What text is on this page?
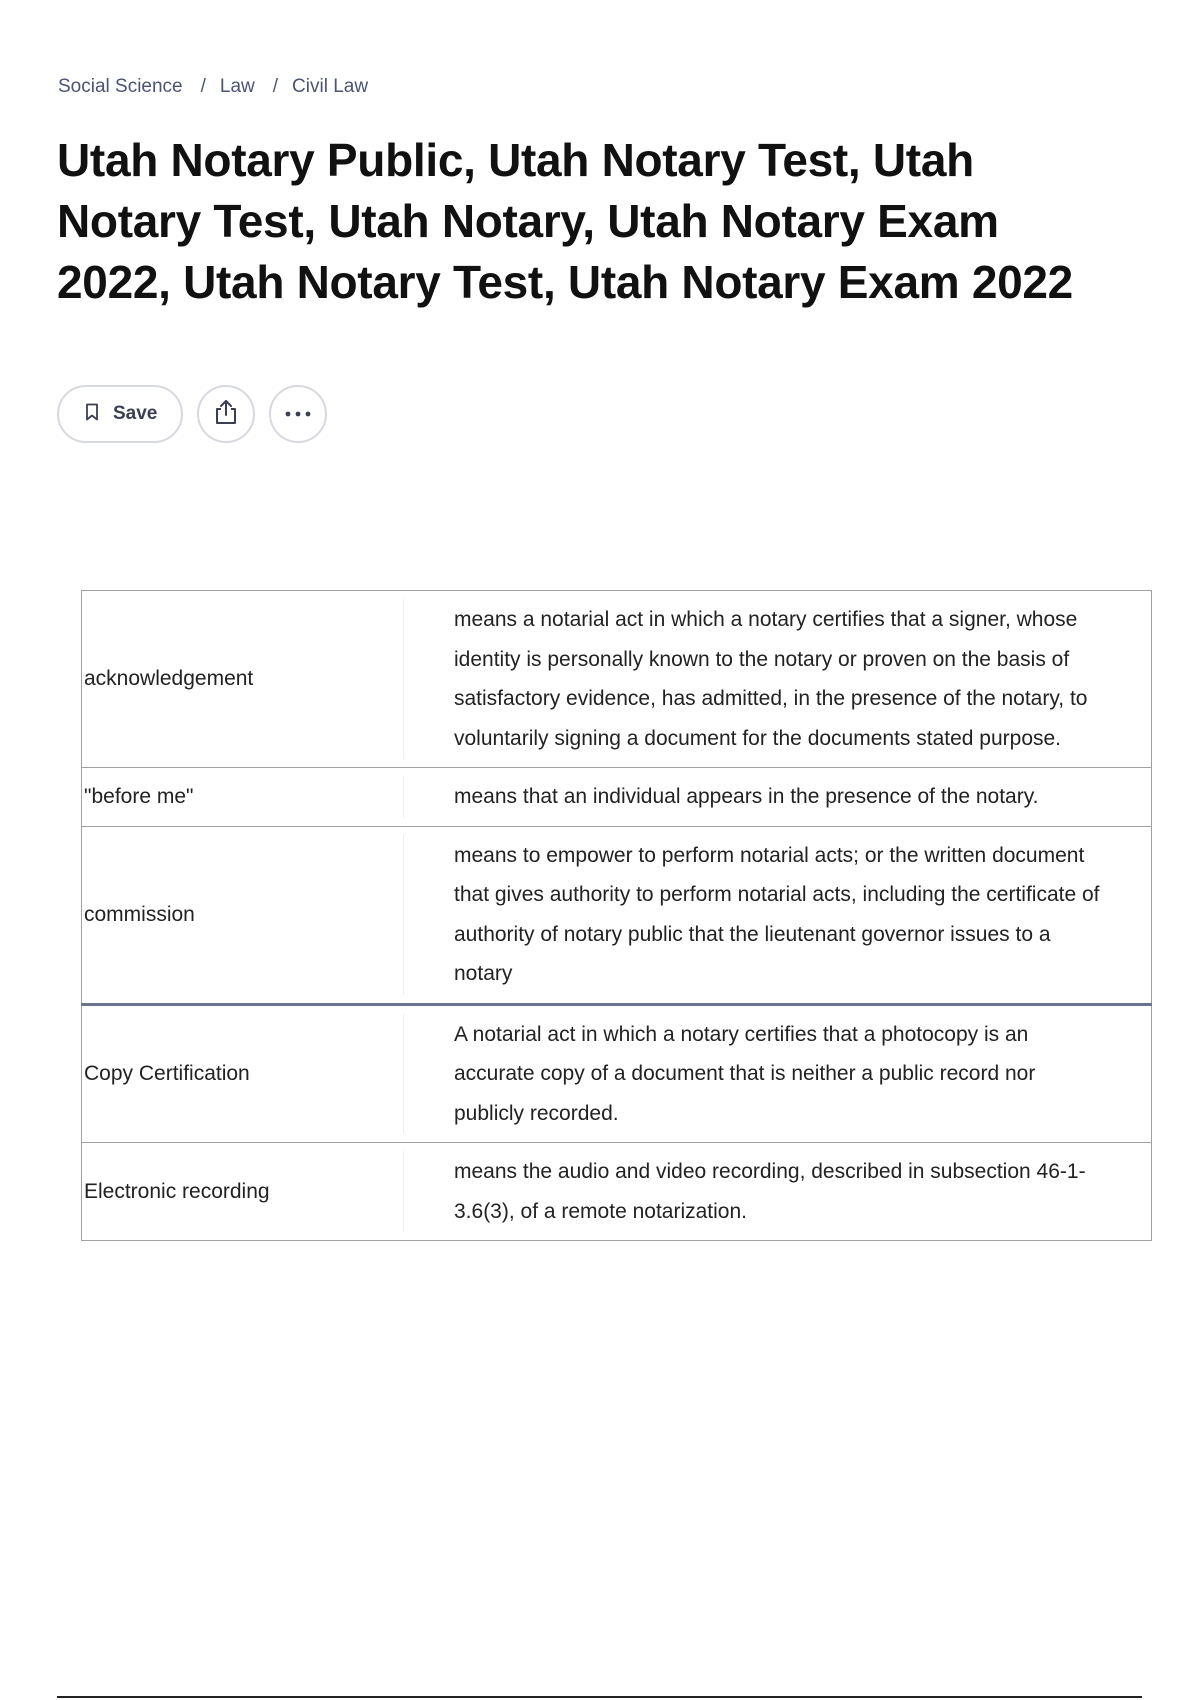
Social Science / Law / Civil Law
Utah Notary Public, Utah Notary Test, Utah Notary Test, Utah Notary, Utah Notary Exam 2022, Utah Notary Test, Utah Notary Exam 2022
Save
acknowledgement	means a notarial act in which a notary certifies that a signer, whose identity is personally known to the notary or proven on the basis of satisfactory evidence, has admitted, in the presence of the notary, to voluntarily signing a document for the documents stated purpose.
"before me"	means that an individual appears in the presence of the notary.
commission	means to empower to perform notarial acts; or the written document that gives authority to perform notarial acts, including the certificate of authority of notary public that the lieutenant governor issues to a notary
Copy Certification	A notarial act in which a notary certifies that a photocopy is an accurate copy of a document that is neither a public record nor publicly recorded.
Electronic recording	means the audio and video recording, described in subsection 46-1-3.6(3), of a remote notarization.
